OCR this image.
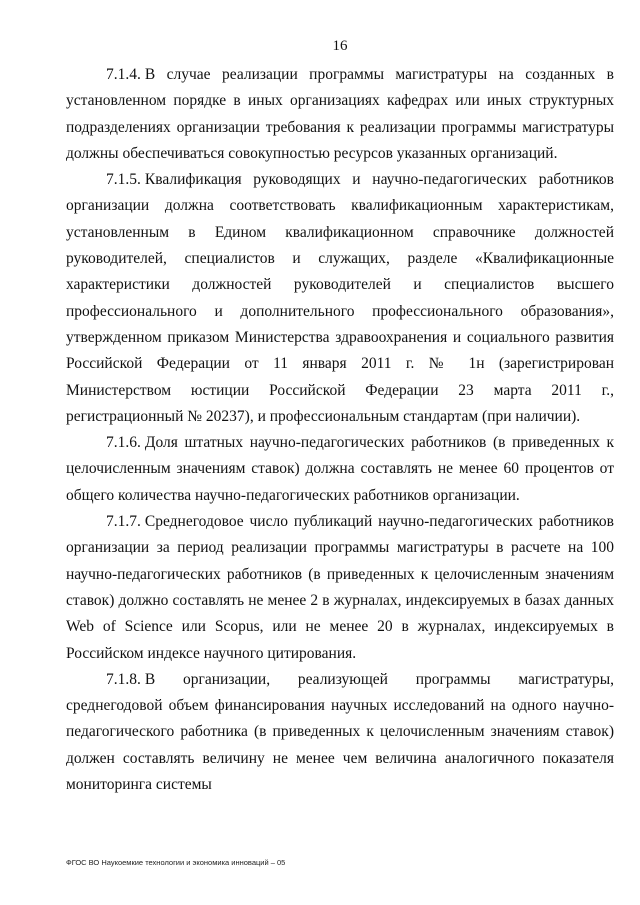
16

7.1.4. В случае реализации программы магистратуры на созданных в установленном порядке в иных организациях кафедрах или иных структурных подразделениях организации требования к реализации программы магистратуры должны обеспечиваться совокупностью ресурсов указанных организаций.

7.1.5. Квалификация руководящих и научно-педагогических работников организации должна соответствовать квалификационным характеристикам, установленным в Едином квалификационном справочнике должностей руководителей, специалистов и служащих, разделе «Квалификационные характеристики должностей руководителей и специалистов высшего профессионального и дополнительного профессионального образования», утвержденном приказом Министерства здравоохранения и социального развития Российской Федерации от 11 января 2011 г. № 1н (зарегистрирован Министерством юстиции Российской Федерации 23 марта 2011 г., регистрационный № 20237), и профессиональным стандартам (при наличии).

7.1.6. Доля штатных научно-педагогических работников (в приведенных к целочисленным значениям ставок) должна составлять не менее 60 процентов от общего количества научно-педагогических работников организации.

7.1.7. Среднегодовое число публикаций научно-педагогических работников организации за период реализации программы магистратуры в расчете на 100 научно-педагогических работников (в приведенных к целочисленным значениям ставок) должно составлять не менее 2 в журналах, индексируемых в базах данных Web of Science или Scopus, или не менее 20 в журналах, индексируемых в Российском индексе научного цитирования.

7.1.8. В организации, реализующей программы магистратуры, среднегодовой объем финансирования научных исследований на одного научно-педагогического работника (в приведенных к целочисленным значениям ставок) должен составлять величину не менее чем величина аналогичного показателя мониторинга системы

ФГОС ВО Наукоемкие технологии и экономика инноваций – 05
